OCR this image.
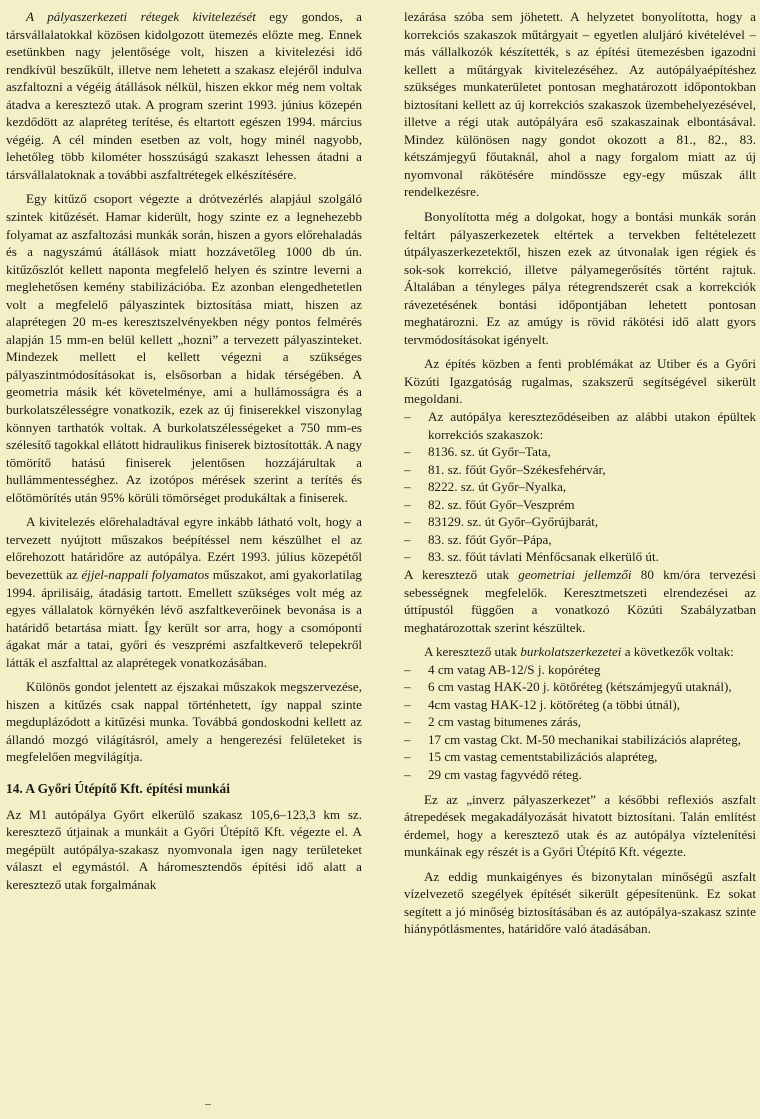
A pályaszerkezeti rétegek kivitelezését egy gondos, a társvállalatokkal közösen kidolgozott ütemezés előzte meg. Ennek esetünkben nagy jelentősége volt, hiszen a kivitelezési idő rendkívül beszűkült, illetve nem lehetett a szakasz elejéről indulva aszfaltozni a végéig átállások nélkül, hiszen ekkor még nem voltak átadva a keresztező utak. A program szerint 1993. június közepén kezdődött az alapréteg terítése, és eltartott egészen 1994. március végéig. A cél minden esetben az volt, hogy minél nagyobb, lehetőleg több kilométer hosszúságú szakaszt lehessen átadni a társvállalatoknak a további aszfaltrétegek elkészítésére.

Egy kitűző csoport végezte a drótvezérlés alapjául szolgáló szintek kitűzését. Hamar kiderült, hogy szinte ez a legnehezebb folyamat az aszfaltozási munkák során, hiszen a gyors előrehaladás és a nagyszámú átállások miatt hozzávetőleg 1000 db ún. kitűzőszlót kellett naponta megfelelő helyen és szintre leverni a meglehetősen kemény stabilizációba. Ez azonban elengedhetetlen volt a megfelelő pályaszintek biztosítása miatt, hiszen az alaprétegen 20 m-es keresztszelvényekben négy pontos felmérés alapján 15 mm-en belül kellett „hozni” a tervezett pályaszinteket. Mindezek mellett el kellett végezni a szükséges pályaszintmódosításokat is, elsősorban a hidak térségében. A geometria másik két követelménye, ami a hullámosságra és a burkolatszélességre vonatkozik, ezek az új finiserekkel viszonylag könnyen tarthatók voltak. A burkolatszélességeket a 750 mm-es szélesítő tagokkal ellátott hidraulikus finiserek biztosították. A nagy tömörítő hatású finiserek jelentősen hozzájárultak a hullámmentességhez. Az izotópos mérések szerint a terítés és előtömörítés után 95% körüli tömörséget produkáltak a finiserek.

A kivitelezés előrehaladtával egyre inkább látható volt, hogy a tervezett nyújtott műszakos beépítéssel nem készülhet el az előrehozott határidőre az autópálya. Ezért 1993. július közepétől bevezettük az éjjel-nappali folyamatos műszakot, ami gyakorlatilag 1994. áprilisáig, átadásig tartott. Emellett szükséges volt még az egyes vállalatok környékén lévő aszfaltkeverőinek bevonása is a határidő betartása miatt. Így került sor arra, hogy a csomóponti ágakat már a tatai, győri és veszprémi aszfaltkeverő telepekről látták el aszfalttal az alaprétegek vonatkozásában.

Különös gondot jelentett az éjszakai műszakok megszervezése, hiszen a kitűzés csak nappal történhetett, így nappal szinte megduplázódott a kitűzési munka. Továbbá gondoskodni kellett az állandó mozgó világításról, amely a hengerezési felületeket is megfelelően megvilágítja.

14. A Győri Útépítő Kft. építési munkái

Az M1 autópálya Győrt elkerülő szakasz 105,6–123,3 km sz. keresztező útjainak a munkáit a Győri Útépítő Kft. végezte el. A megépült autópálya-szakasz nyomvonala igen nagy területeket választ el egymástól. A háromesztendős építési idő alatt a keresztező utak forgalmának

lezárása szóba sem jöhetett. A helyzetet bonyolította, hogy a korrekciós szakaszok műtárgyait – egyetlen aluljáró kivételével – más vállalkozók készítették, s az építési ütemezésben igazodni kellett a műtárgyak kivitelezéséhez. Az autópályaépítéshez szükséges munkaterületet pontosan meghatározott időpontokban biztosítani kellett az új korrekciós szakaszok üzembehelyezésével, illetve a régi utak autópályára eső szakaszainak elbontásával. Mindez különösen nagy gondot okozott a 81., 82., 83. kétszámjegyű főutaknál, ahol a nagy forgalom miatt az új nyomvonal rákötésére mindössze egy-egy műszak állt rendelkezésre.

Bonyolította még a dolgokat, hogy a bontási munkák során feltárt pályaszerkezetek eltértek a tervekben feltételezett útpályaszerkezetektől, hiszen ezek az útvonalak igen régiek és sok-sok korrekció, illetve pályamegerősítés történt rajtuk. Általában a tényleges pálya rétegrendszerét csak a korrekciók rávezetésének bontási időpontjában lehetett pontosan meghatározni. Ez az amúgy is rövid rákötési idő alatt gyors tervmódosításokat igényelt.

Az építés közben a fenti problémákat az Utiber és a Győri Közúti Igazgatóság rugalmas, szakszerű segítségével sikerült megoldani.

– Az autópálya kereszteződéseiben az alábbi utakon épültek korrekciós szakaszok:

– 8136. sz. út Győr–Tata,

– 81. sz. főút Győr–Székesfehérvár,

– 8222. sz. út Győr–Nyalka,

– 82. sz. főút Győr–Veszprém

– 83129. sz. út Győr–Győrújbarát,

– 83. sz. főút Győr–Pápa,

– 83. sz. főút távlati Ménfőcsanak elkerülő út.

A keresztező utak geometriai jellemzői 80 km/óra tervezési sebességnek megfelelők. Keresztmetszeti elrendezései az úttípustól függően a vonatkozó Közúti Szabályzatban meghatározottak szerint készültek.

A keresztező utak burkolatszerkezetei a következők voltak:

– 4 cm vatag AB-12/S j. kopóréteg

– 6 cm vastag HAK-20 j. kötőréteg (kétszámjegyű utaknál),

– 4cm vastag HAK-12 j. kötőréteg (a többi útnál),

– 2 cm vastag bitumenes zárás,

– 17 cm vastag Ckt. M-50 mechanikai stabilizációs alapréteg,

– 15 cm vastag cementstabilizációs alapréteg,

– 29 cm vastag fagyvédő réteg.

Ez az „inverz pályaszerkezet” a későbbi reflexiós aszfalt átrepedések megakadályozását hivatott biztosítani. Talán említést érdemel, hogy a keresztező utak és az autópálya víztelenítési munkáinak egy részét is a Győri Útépítő Kft. végezte.

Az eddig munkaigényes és bizonytalan minőségű aszfalt vízelvezető szegélyek építését sikerült gépesítenünk. Ez sokat segített a jó minőség biztosításában és az autópálya-szakasz szinte hiánypótlásmentes, határidőre való átadásában.
